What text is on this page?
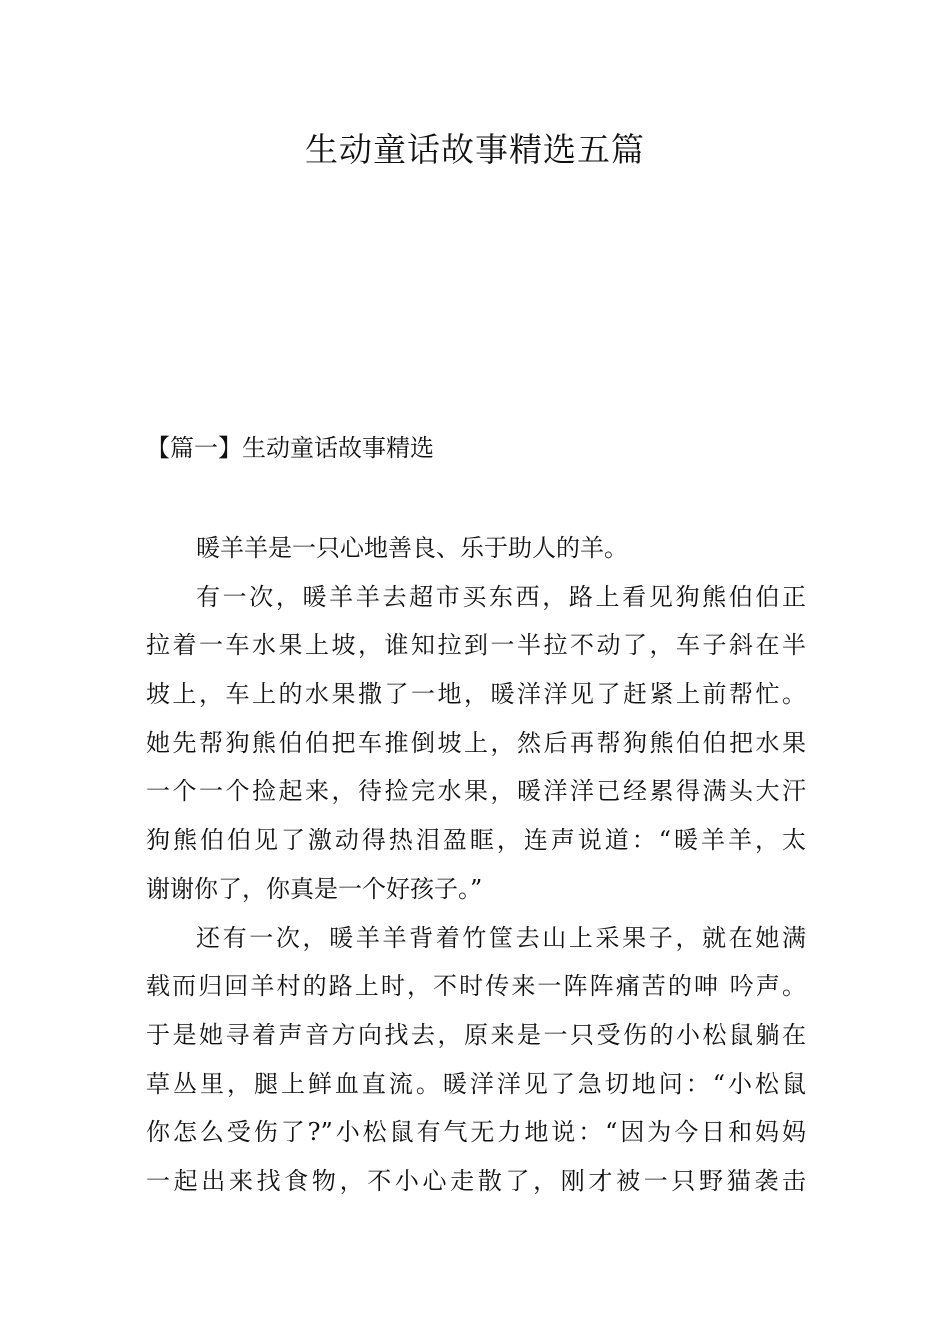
生动童话故事精选五篇
【篇一】生动童话故事精选
暖羊羊是一只心地善良、乐于助人的羊。
有一次，暖羊羊去超市买东西，路上看见狗熊伯伯正
拉着一车水果上坡，谁知拉到一半拉不动了，车子斜在半
坡上，车上的水果撒了一地，暖洋洋见了赶紧上前帮忙。
她先帮狗熊伯伯把车推倒坡上，然后再帮狗熊伯伯把水果
一个一个捡起来，待捡完水果，暖洋洋已经累得满头大汗
狗熊伯伯见了激动得热泪盈眶，连声说道：“暖羊羊，太
谢谢你了，你真是一个好孩子。”
还有一次，暖羊羊背着竹筐去山上采果子，就在她满
载而归回羊村的路上时，不时传来一阵阵痛苦的呻 吟声。
于是她寻着声音方向找去，原来是一只受伤的小松鼠躺在
草丛里，腿上鲜血直流。暖洋洋见了急切地问：“小松鼠
你怎么受伤了?”小松鼠有气无力地说：“因为今日和妈妈
一起出来找食物，不小心走散了，刚才被一只野猫袭击
